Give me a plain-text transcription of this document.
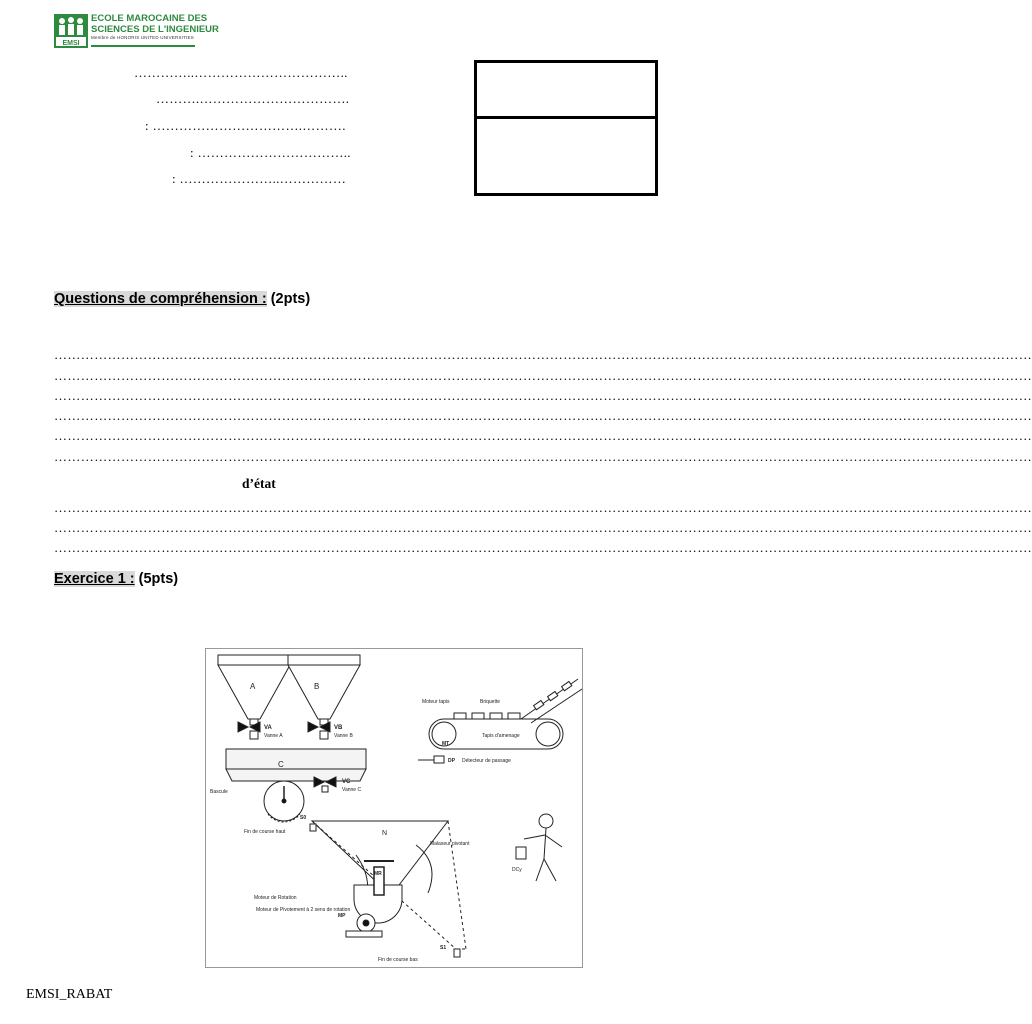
EMSI
ECOLE MAROCAINE DES
SCIENCES DE L'INGENIEUR
Membre de HONORIS UNITED UNIVERSITIES
…………..……………………………..
……….…………………………….
: …………………………….……….
: ……………………………..
: …………………..……………
Questions de compréhension : (2pts)
…………………………………………………………………………………………………………………………………………………………………………………………………
…………………………………………………………………………………………………………………………………………………………………………………………………
…………………………………………………………………………………………………………………………………………………………………………………………………
…………………………………………………………………………………………………………………………………………………………………………………………………
…………………………………………………………………………………………………………………………………………………………………………………………………
…………………………………………………………………………………………………………………………………………………………………………………………………
d’état
…………………………………………………………………………………………………………………………………………………………………………………………………
…………………………………………………………………………………………………………………………………………………………………………………………………
…………………………………………………………………………………………………………………………………………………………………………………………………
Exercice 1 : (5pts)
A
VA
Vanne A
B
VB
Vanne B
C
VC
Vanne C
Bascule
Moteur tapis	Briquette
MT
Tapis d'amenage
DP Détecteur de passage
N
S0
Fin de course haut
Malaxeur pivotant
MR
Moteur de Rotation
MP
Moteur de Pivotement à 2 sens de rotation
S1
Fin de course bas
DCy
EMSI_RABAT
